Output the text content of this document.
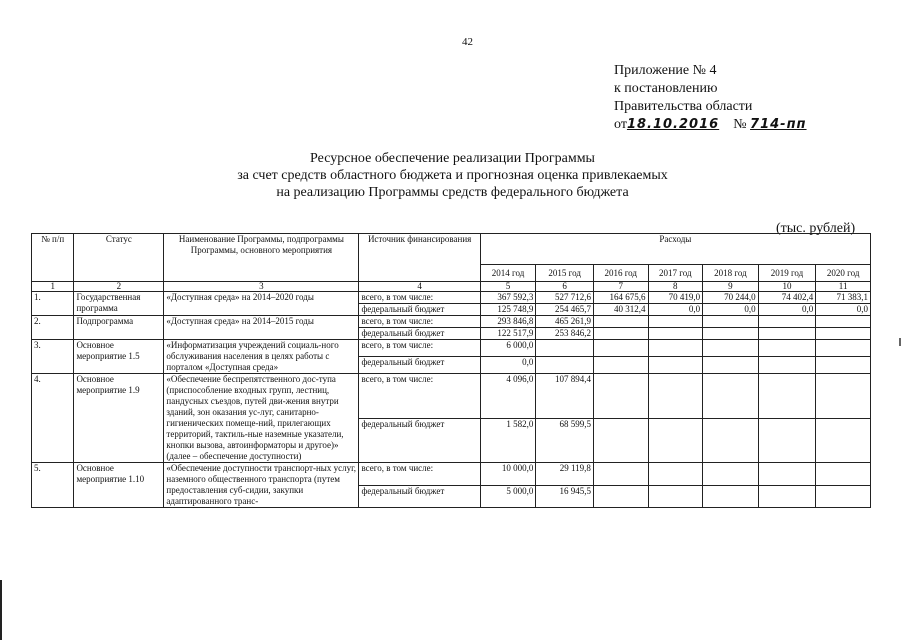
42
Приложение № 4
к постановлению
Правительства области
от18.10.2016 № 714-пп
Ресурсное обеспечение реализации Программы
за счет средств областного бюджета и прогнозная оценка привлекаемых
на реализацию Программы средств федерального бюджета
(тыс. рублей)
№ п/п	Статус	Наименование Программы, подпрограммы Программы, основного мероприятия	Источник финансирования	Расходы						
				2014 год	2015 год	2016 год	2017 год	2018 год	2019 год	2020 год
1	2	3	4	5	6	7	8	9	10	11
1.	Государственная программа	«Доступная среда» на 2014–2020 годы	всего, в том числе:	367 592,3	527 712,6	164 675,6	70 419,0	70 244,0	74 402,4	71 383,1
			федеральный бюджет	125 748,9	254 465,7	40 312,4	0,0	0,0	0,0	0,0
2.	Подпрограмма	«Доступная среда» на 2014–2015 годы	всего, в том числе:	293 846,8	465 261,9					
			федеральный бюджет	122 517,9	253 846,2					
3.	Основное мероприятие 1.5	«Информатизация учреждений социаль-ного обслуживания населения в целях работы с порталом «Доступная среда»	всего, в том числе:	6 000,0						
			федеральный бюджет	0,0						
4.	Основное мероприятие 1.9	«Обеспечение беспрепятственного дос-тупа (приспособление входных групп, лестниц, пандусных съездов, путей дви-жения внутри зданий, зон оказания ус-луг, санитарно-гигиенических помеще-ний, прилегающих территорий, тактиль-ные наземные указатели, кнопки вызова, автоинформаторы и другое)» (далее – обеспечение доступности)	всего, в том числе:	4 096,0	107 894,4					
			федеральный бюджет	1 582,0	68 599,5					
5.	Основное мероприятие 1.10	«Обеспечение доступности транспорт-ных услуг, наземного общественного транспорта (путем предоставления суб-сидии, закупки адаптированного транс-	всего, в том числе:	10 000,0	29 119,8					
			федеральный бюджет	5 000,0	16 945,5					
